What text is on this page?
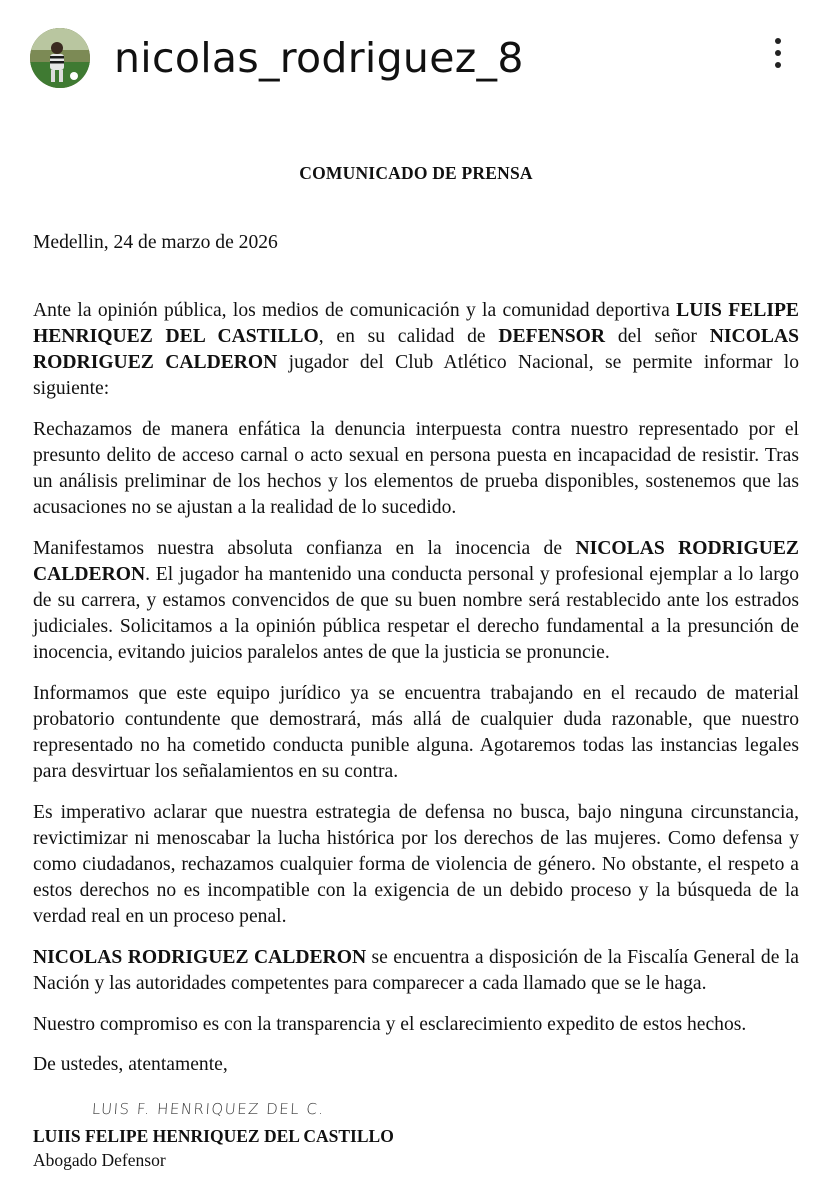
nicolas_rodriguez_8
COMUNICADO DE PRENSA
Medellin, 24 de marzo de 2026

Ante la opinión pública, los medios de comunicación y la comunidad deportiva LUIS FELIPE HENRIQUEZ DEL CASTILLO, en su calidad de DEFENSOR del señor NICOLAS RODRIGUEZ CALDERON jugador del Club Atlético Nacional, se permite informar lo siguiente:

Rechazamos de manera enfática la denuncia interpuesta contra nuestro representado por el presunto delito de acceso carnal o acto sexual en persona puesta en incapacidad de resistir. Tras un análisis preliminar de los hechos y los elementos de prueba disponibles, sostenemos que las acusaciones no se ajustan a la realidad de lo sucedido.

Manifestamos nuestra absoluta confianza en la inocencia de NICOLAS RODRIGUEZ CALDERON. El jugador ha mantenido una conducta personal y profesional ejemplar a lo largo de su carrera, y estamos convencidos de que su buen nombre será restablecido ante los estrados judiciales. Solicitamos a la opinión pública respetar el derecho fundamental a la presunción de inocencia, evitando juicios paralelos antes de que la justicia se pronuncie.

Informamos que este equipo jurídico ya se encuentra trabajando en el recaudo de material probatorio contundente que demostrará, más allá de cualquier duda razonable, que nuestro representado no ha cometido conducta punible alguna. Agotaremos todas las instancias legales para desvirtuar los señalamientos en su contra.

Es imperativo aclarar que nuestra estrategia de defensa no busca, bajo ninguna circunstancia, revictimizar ni menoscabar la lucha histórica por los derechos de las mujeres. Como defensa y como ciudadanos, rechazamos cualquier forma de violencia de género. No obstante, el respeto a estos derechos no es incompatible con la exigencia de un debido proceso y la búsqueda de la verdad real en un proceso penal.

NICOLAS RODRIGUEZ CALDERON se encuentra a disposición de la Fiscalía General de la Nación y las autoridades competentes para comparecer a cada llamado que se le haga.

Nuestro compromiso es con la transparencia y el esclarecimiento expedito de estos hechos.

De ustedes, atentamente,

LUIS F. HENRIQUEZ DEL C.
LUIIS FELIPE HENRIQUEZ DEL CASTILLO
Abogado Defensor
